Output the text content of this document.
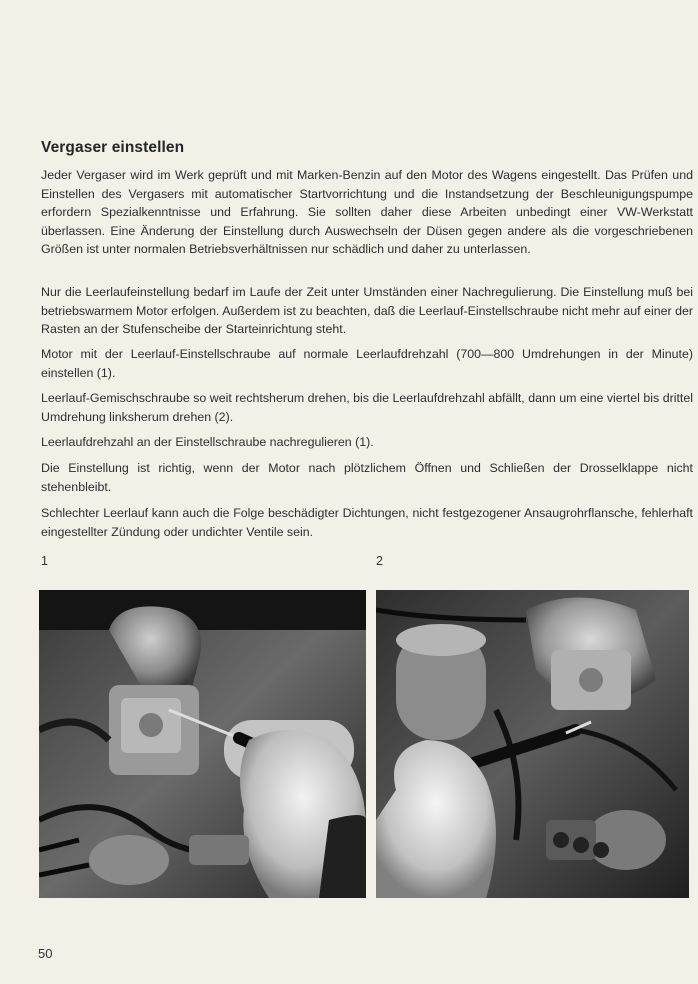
Vergaser einstellen

Jeder Vergaser wird im Werk geprüft und mit Marken-Benzin auf den Motor des Wagens eingestellt. Das Prüfen und Einstellen des Vergasers mit automatischer Startvorrichtung und die Instandsetzung der Beschleunigungspumpe erfordern Spezialkenntnisse und Erfahrung. Sie sollten daher diese Arbeiten unbedingt einer VW-Werkstatt überlassen. Eine Änderung der Einstellung durch Auswechseln der Düsen gegen andere als die vorgeschriebenen Größen ist unter normalen Betriebsverhältnissen nur schädlich und daher zu unterlassen.

Nur die Leerlaufeinstellung bedarf im Laufe der Zeit unter Umständen einer Nachregulierung. Die Einstellung muß bei betriebswarmem Motor erfolgen. Außerdem ist zu beachten, daß die Leerlauf-Einstellschraube nicht mehr auf einer der Rasten an der Stufenscheibe der Starteinrichtung steht.

Motor mit der Leerlauf-Einstellschraube auf normale Leerlaufdrehzahl (700—800 Umdrehungen in der Minute) einstellen (1).

Leerlauf-Gemischschraube so weit rechtsherum drehen, bis die Leerlaufdrehzahl abfällt, dann um eine viertel bis drittel Umdrehung linksherum drehen (2).

Leerlaufdrehzahl an der Einstellschraube nachregulieren (1).

Die Einstellung ist richtig, wenn der Motor nach plötzlichem Öffnen und Schließen der Drosselklappe nicht stehenbleibt.

Schlechter Leerlauf kann auch die Folge beschädigter Dichtungen, nicht festgezogener Ansaugrohrflansche, fehlerhaft eingestellter Zündung oder undichter Ventile sein.

1	2
50
